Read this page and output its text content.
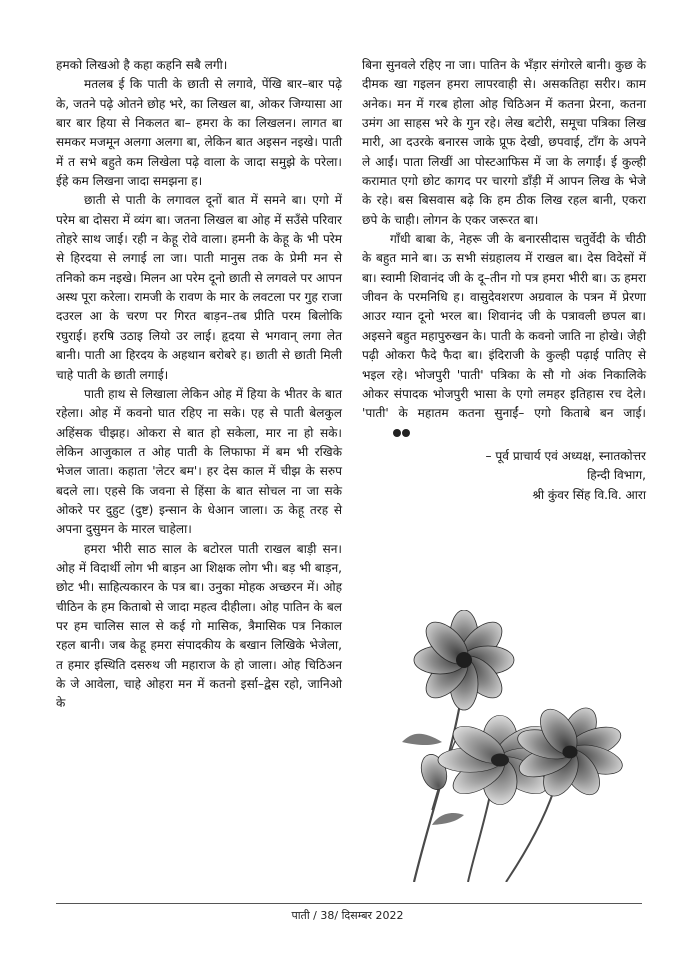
हमको लिखओ है कहा कहनि सबै लगी।

मतलब ई कि पाती के छाती से लगावे, पेंखि बार–बार पढ़े के, जतने पढ़े ओतने छोह भरे, का लिखल बा, ओकर जिग्यासा आ बार बार हिया से निकलत बा– हमरा के का लिखलन। लागत बा समकर मजमून अलगा अलगा बा, लेकिन बात अइसन नइखे। पाती में त सभे बहुते कम लिखेला पढ़े वाला के जादा समुझे के परेला। ईहे कम लिखना जादा समझना ह।

छाती से पाती के लगावल दूनों बात में समने बा। एगो में परेम बा दोसरा में व्यंग बा। जतना लिखल बा ओह में सउँसे परिवार तोहरे साथ जाई। रही न केहू रोवे वाला। हमनी के केहू के भी परेम से हिरदया से लगाई ला जा। पाती मानुस तक के प्रेमी मन से तनिको कम नइखे। मिलन आ परेम दूनो छाती से लगवले पर आपन अस्थ पूरा करेला। रामजी के रावण के मार के लवटला पर गुह राजा दउरल आ के चरण पर गिरत बाड़न–तब प्रीति परम बिलोकि रघुराई। हरषि उठाइ लियो उर लाई। हृदया से भगवान् लगा लेत बानी। पाती आ हिरदय के अहथान बरोबरे ह। छाती से छाती मिली चाहे पाती के छाती लगाई।

पाती हाथ से लिखाला लेकिन ओह में हिया के भीतर के बात रहेला। ओह में कवनो घात रहिए ना सके। एह से पाती बेलकुल अहिंसक चीझह। ओकरा से बात हो सकेला, मार ना हो सके। लेकिन आजुकाल त ओह पाती के लिफाफा में बम भी रखिके भेजल जाता। कहाता 'लेटर बम'। हर देस काल में चीझ के सरुप बदले ला। एहसे कि जवना से हिंसा के बात सोचल ना जा सके ओकरे पर दुहुट (दुष्ट) इन्सान के धेआन जाला। ऊ केहू तरह से अपना दुसुमन के मारल चाहेला।

हमरा भीरी साठ साल के बटोरल पाती राखल बाड़ी सन। ओह में विदार्थी लोग भी बाड़न आ शिक्षक लोग भी। बड़ भी बाड़न, छोट भी। साहित्यकारन के पत्र बा। उनुका मोहक अच्छरन में। ओह चीठिन के हम किताबो से जादा महत्व दीहीला। ओह पातिन के बल पर हम चालिस साल से कई गो मासिक, त्रैमासिक पत्र निकाल रहल बानी। जब केहू हमरा संपादकीय के बखान लिखिके भेजेला, त हमार इस्थिति दसरुथ जी महाराज के हो जाला। ओह चिठिअन के जे आवेला, चाहे ओहरा मन में कतनो इर्सा–द्वेस रहो, जानिओ के

बिना सुनवले रहिए ना जा। पातिन के भँड़ार संगोरले बानी। कुछ के दीमक खा गइलन हमरा लापरवाही से। असकतिहा सरीर। काम अनेक। मन में गरब होला ओह चिठिअन में कतना प्रेरना, कतना उमंग आ साहस भरे के गुन रहे। लेख बटोरी, समूचा पत्रिका लिख मारी, आ दउरके बनारस जाके प्रूफ देखी, छपवाई, टाँग के अपने ले आईं। पाता लिखीं आ पोस्टआफिस में जा के लगाईं। ई कुल्ही करामात एगो छोट कागद पर चारगो डाँड़ी में आपन लिख के भेजे के रहे। बस बिसवास बढ़े कि हम ठीक लिख रहल बानी, एकरा छपे के चाही। लोगन के एकर जरूरत बा।

गाँधी बाबा के, नेहरू जी के बनारसीदास चतुर्वेदी के चीठी के बहुत माने बा। ऊ सभी संग्रहालय में राखल बा। देस विदेसों में बा। स्वामी शिवानंद जी के दू–तीन गो पत्र हमरा भीरी बा। ऊ हमरा जीवन के परमनिधि ह। वासुदेवशरण अग्रवाल के पत्रन में प्रेरणा आउर ग्यान दूनो भरल बा। शिवानंद जी के पत्रावली छपल बा। अइसने बहुत महापुरुखन के। पाती के कवनो जाति ना होखे। जेही पढ़ी ओकरा फैदे फैदा बा। इंदिराजी के कुल्ही पढ़ाई पातिए से भइल रहे। भोजपुरी 'पाती' पत्रिका के सौ गो अंक निकालिके ओकर संपादक भोजपुरी भासा के एगो लमहर इतिहास रच देले। 'पाती' के महातम कतना सुनाईं– एगो किताबे बन जाई।

– पूर्व प्राचार्य एवं अध्यक्ष, स्नातकोत्तर

हिन्दी विभाग,

श्री कुंवर सिंह वि.वि. आरा

पाती / 38/ दिसम्बर 2022
